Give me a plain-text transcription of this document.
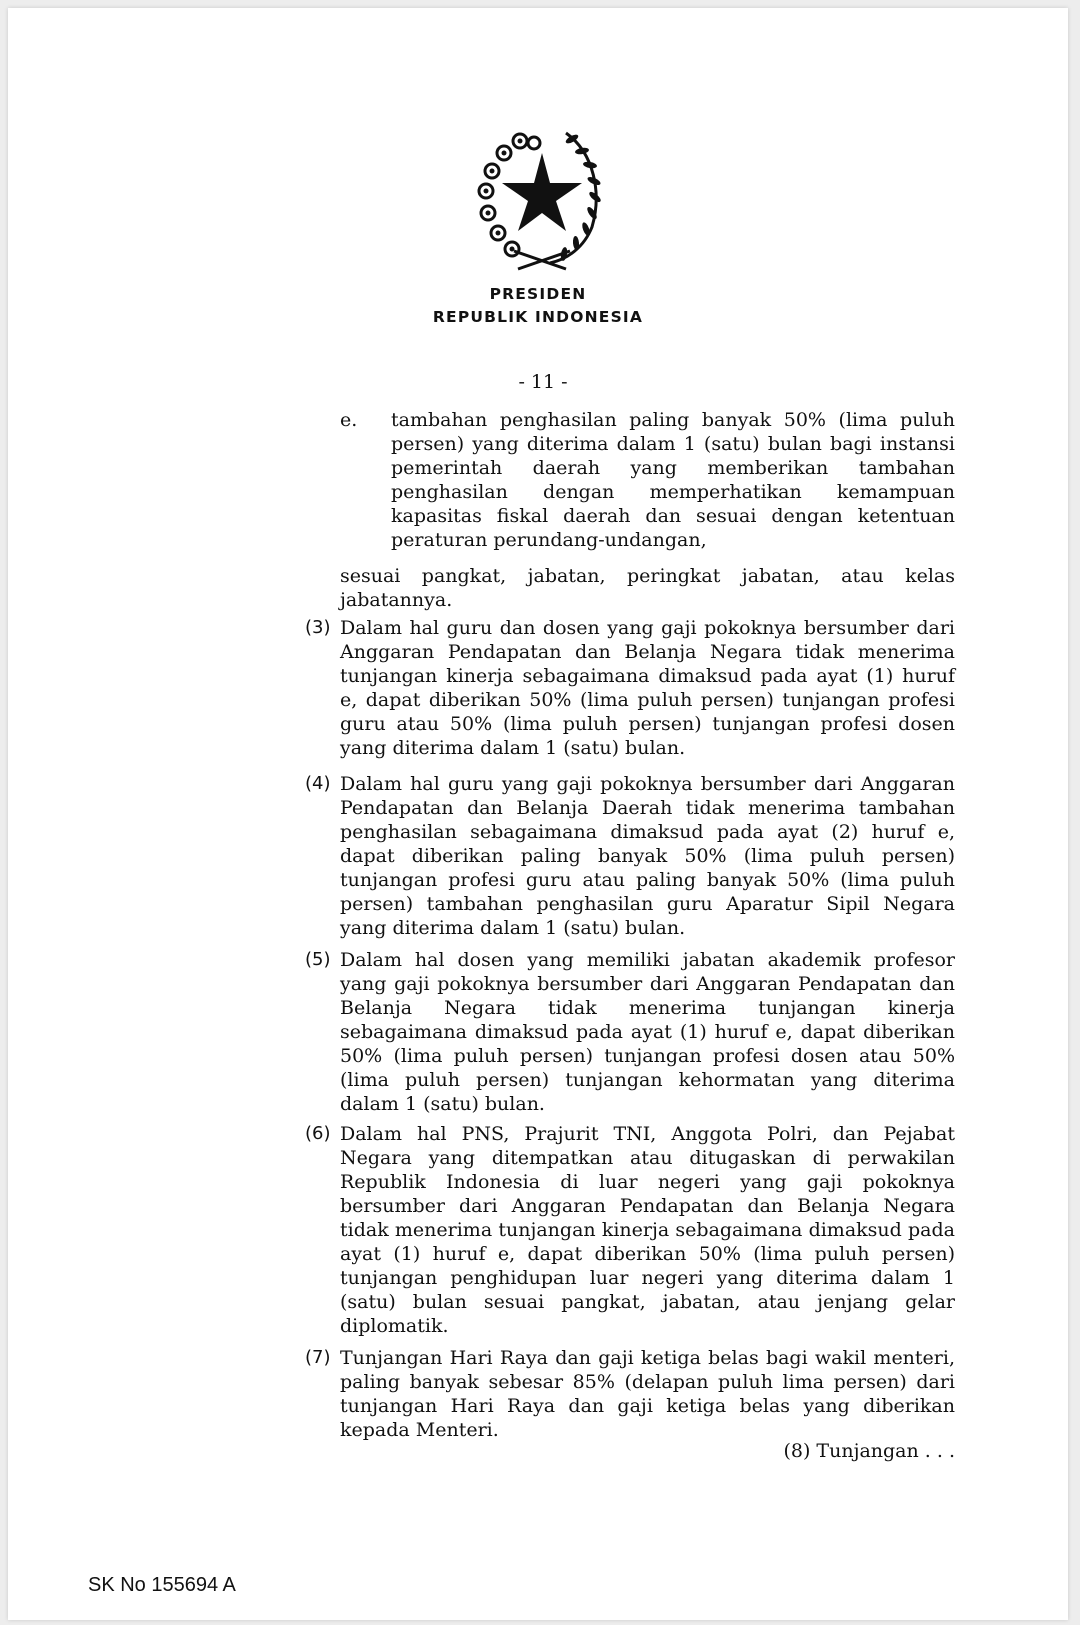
PRESIDEN
REPUBLIK INDONESIA
- 11 -
e. tambahan penghasilan paling banyak 50% (lima puluh persen) yang diterima dalam 1 (satu) bulan bagi instansi pemerintah daerah yang memberikan tambahan penghasilan dengan memperhatikan kemampuan kapasitas fiskal daerah dan sesuai dengan ketentuan peraturan perundang-undangan,
sesuai pangkat, jabatan, peringkat jabatan, atau kelas jabatannya.
(3) Dalam hal guru dan dosen yang gaji pokoknya bersumber dari Anggaran Pendapatan dan Belanja Negara tidak menerima tunjangan kinerja sebagaimana dimaksud pada ayat (1) huruf e, dapat diberikan 50% (lima puluh persen) tunjangan profesi guru atau 50% (lima puluh persen) tunjangan profesi dosen yang diterima dalam 1 (satu) bulan.
(4) Dalam hal guru yang gaji pokoknya bersumber dari Anggaran Pendapatan dan Belanja Daerah tidak menerima tambahan penghasilan sebagaimana dimaksud pada ayat (2) huruf e, dapat diberikan paling banyak 50% (lima puluh persen) tunjangan profesi guru atau paling banyak 50% (lima puluh persen) tambahan penghasilan guru Aparatur Sipil Negara yang diterima dalam 1 (satu) bulan.
(5) Dalam hal dosen yang memiliki jabatan akademik profesor yang gaji pokoknya bersumber dari Anggaran Pendapatan dan Belanja Negara tidak menerima tunjangan kinerja sebagaimana dimaksud pada ayat (1) huruf e, dapat diberikan 50% (lima puluh persen) tunjangan profesi dosen atau 50% (lima puluh persen) tunjangan kehormatan yang diterima dalam 1 (satu) bulan.
(6) Dalam hal PNS, Prajurit TNI, Anggota Polri, dan Pejabat Negara yang ditempatkan atau ditugaskan di perwakilan Republik Indonesia di luar negeri yang gaji pokoknya bersumber dari Anggaran Pendapatan dan Belanja Negara tidak menerima tunjangan kinerja sebagaimana dimaksud pada ayat (1) huruf e, dapat diberikan 50% (lima puluh persen) tunjangan penghidupan luar negeri yang diterima dalam 1 (satu) bulan sesuai pangkat, jabatan, atau jenjang gelar diplomatik.
(7) Tunjangan Hari Raya dan gaji ketiga belas bagi wakil menteri, paling banyak sebesar 85% (delapan puluh lima persen) dari tunjangan Hari Raya dan gaji ketiga belas yang diberikan kepada Menteri.
(8) Tunjangan . . .
SK No 155694 A
